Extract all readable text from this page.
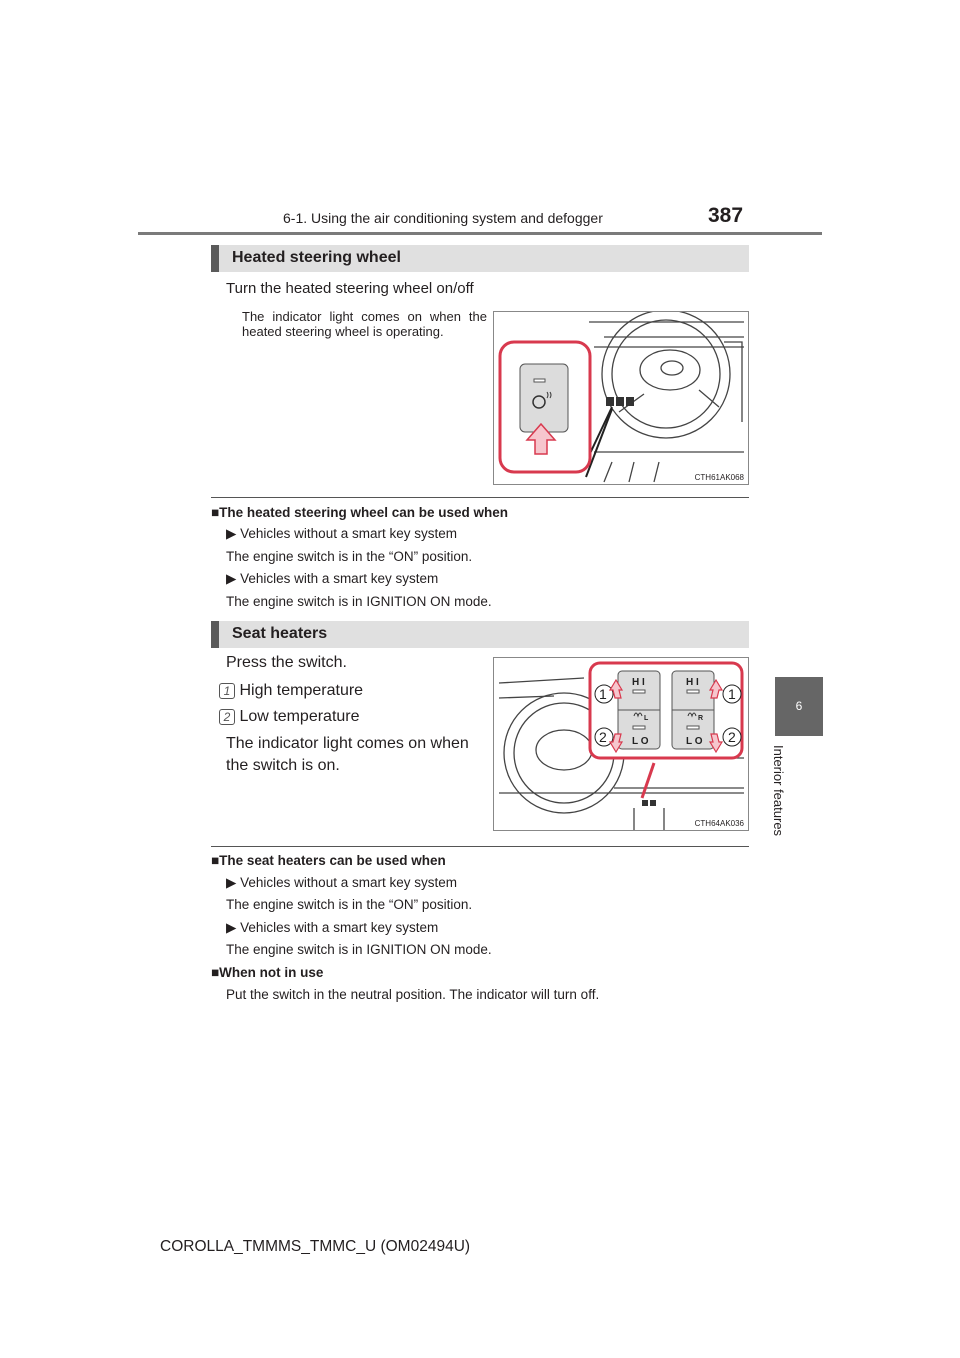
6-1. Using the air conditioning system and defogger	387
6
Interior features
Heated steering wheel
Turn the heated steering wheel on/off
The indicator light comes on when the heated steering wheel is operating.
CTH61AK068
■The heated steering wheel can be used when
▶ Vehicles without a smart key system
The engine switch is in the “ON” position.
▶ Vehicles with a smart key system
The engine switch is in IGNITION ON mode.
Seat heaters
Press the switch.
1 High temperature
2 Low temperature
The indicator light comes on when
the switch is on.
H I	H I
L O	L O
L	R
1	1
2	2
CTH64AK036
■The seat heaters can be used when
▶ Vehicles without a smart key system
The engine switch is in the “ON” position.
▶ Vehicles with a smart key system
The engine switch is in IGNITION ON mode.
■When not in use
Put the switch in the neutral position. The indicator will turn off.
COROLLA_TMMMS_TMMC_U (OM02494U)
